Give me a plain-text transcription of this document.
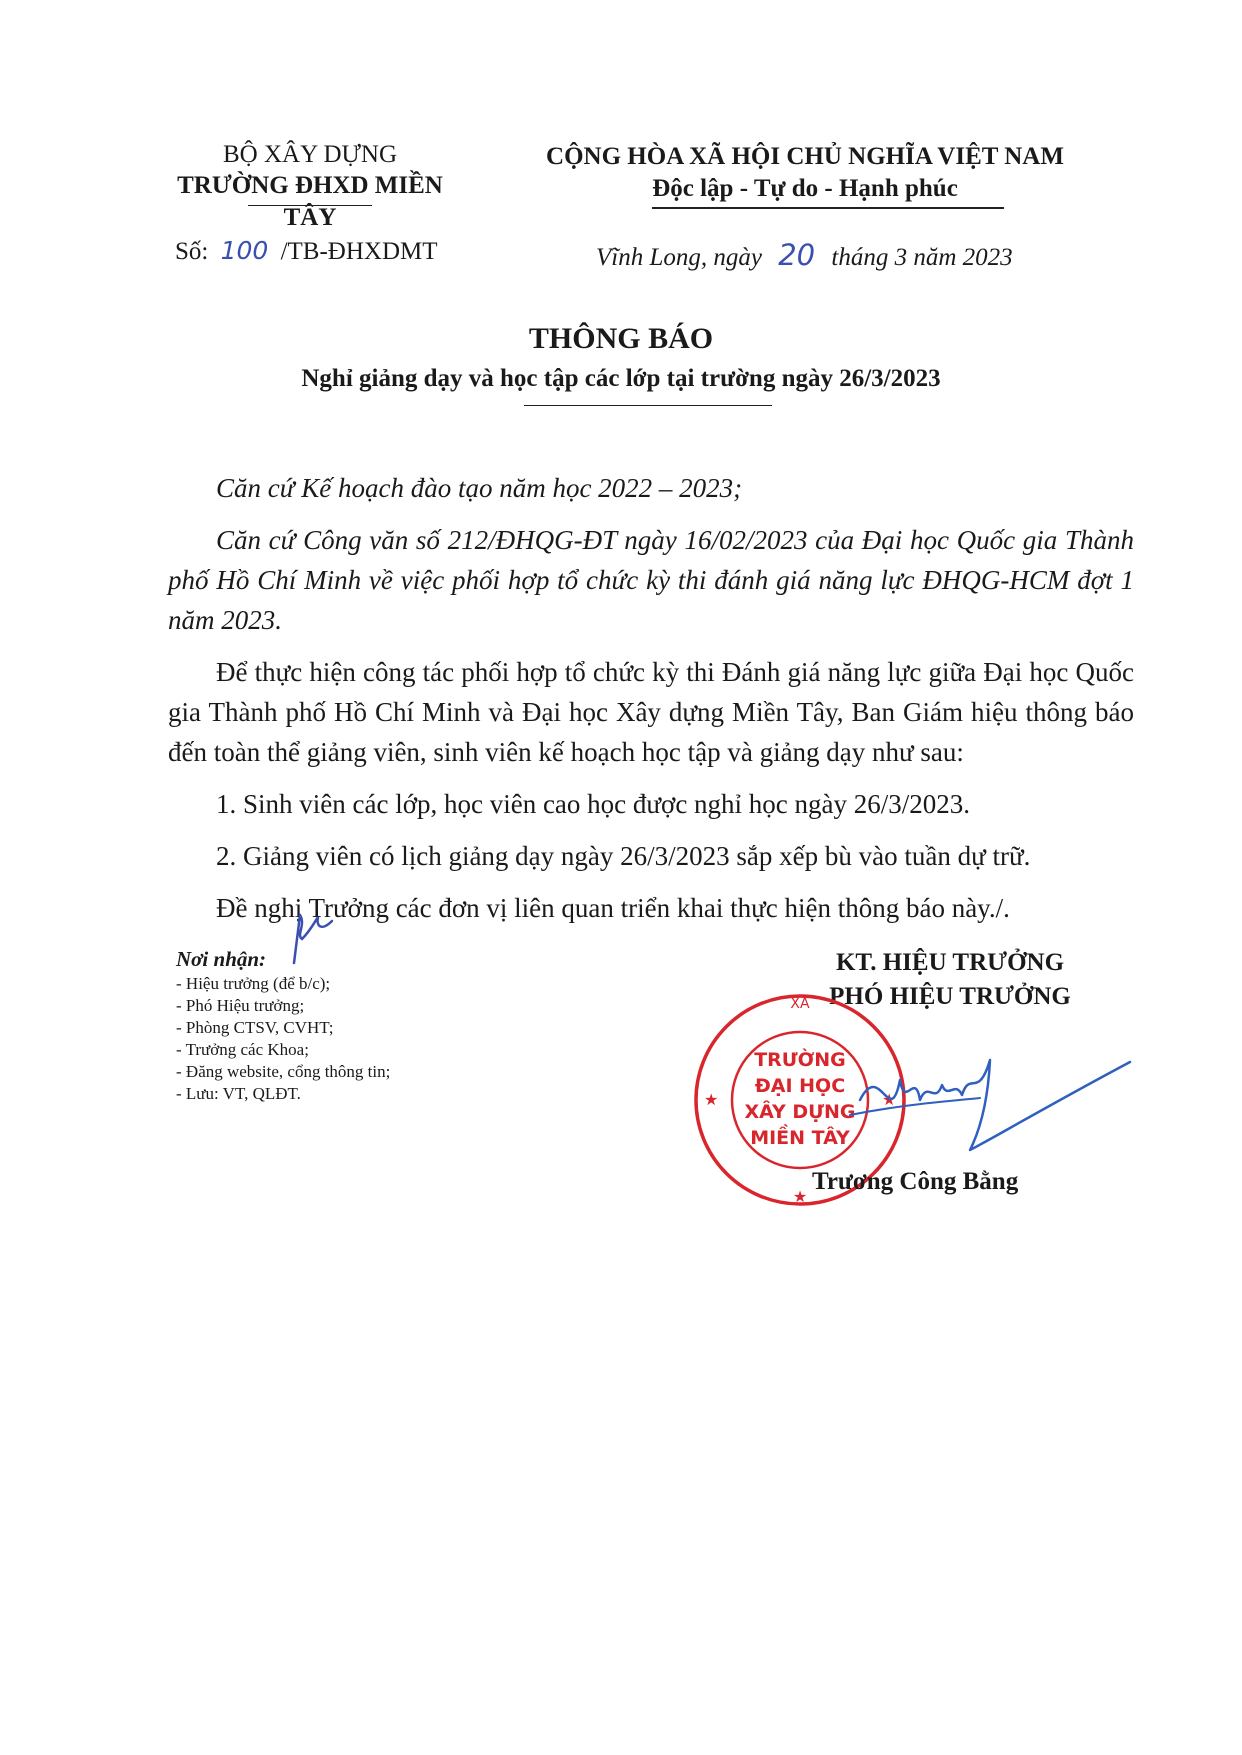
BỘ XÂY DỰNG
TRƯỜNG ĐHXD MIỀN TÂY
Số: 100 /TB-ĐHXDMT
CỘNG HÒA XÃ HỘI CHỦ NGHĨA VIỆT NAM
Độc lập - Tự do - Hạnh phúc
Vĩnh Long, ngày 20 tháng 3 năm 2023
THÔNG BÁO
Nghỉ giảng dạy và học tập các lớp tại trường ngày 26/3/2023
Căn cứ Kế hoạch đào tạo năm học 2022 – 2023;
Căn cứ Công văn số 212/ĐHQG-ĐT ngày 16/02/2023 của Đại học Quốc gia Thành phố Hồ Chí Minh về việc phối hợp tổ chức kỳ thi đánh giá năng lực ĐHQG-HCM đợt 1 năm 2023.
Để thực hiện công tác phối hợp tổ chức kỳ thi Đánh giá năng lực giữa Đại học Quốc gia Thành phố Hồ Chí Minh và Đại học Xây dựng Miền Tây, Ban Giám hiệu thông báo đến toàn thể giảng viên, sinh viên kế hoạch học tập và giảng dạy như sau:
1. Sinh viên các lớp, học viên cao học được nghỉ học ngày 26/3/2023.
2. Giảng viên có lịch giảng dạy ngày 26/3/2023 sắp xếp bù vào tuần dự trữ.
Đề nghị Trưởng các đơn vị liên quan triển khai thực hiện thông báo này./.
Nơi nhận:
- Hiệu trưởng (để b/c);
- Phó Hiệu trưởng;
- Phòng CTSV, CVHT;
- Trưởng các Khoa;
- Đăng website, cổng thông tin;
- Lưu: VT, QLĐT.
KT. HIỆU TRƯỞNG
PHÓ HIỆU TRƯỞNG
XÃ
★
★	★
TRƯỜNG
ĐẠI HỌC
XÂY DỰNG
MIỀN TÂY
Trương Công Bằng
